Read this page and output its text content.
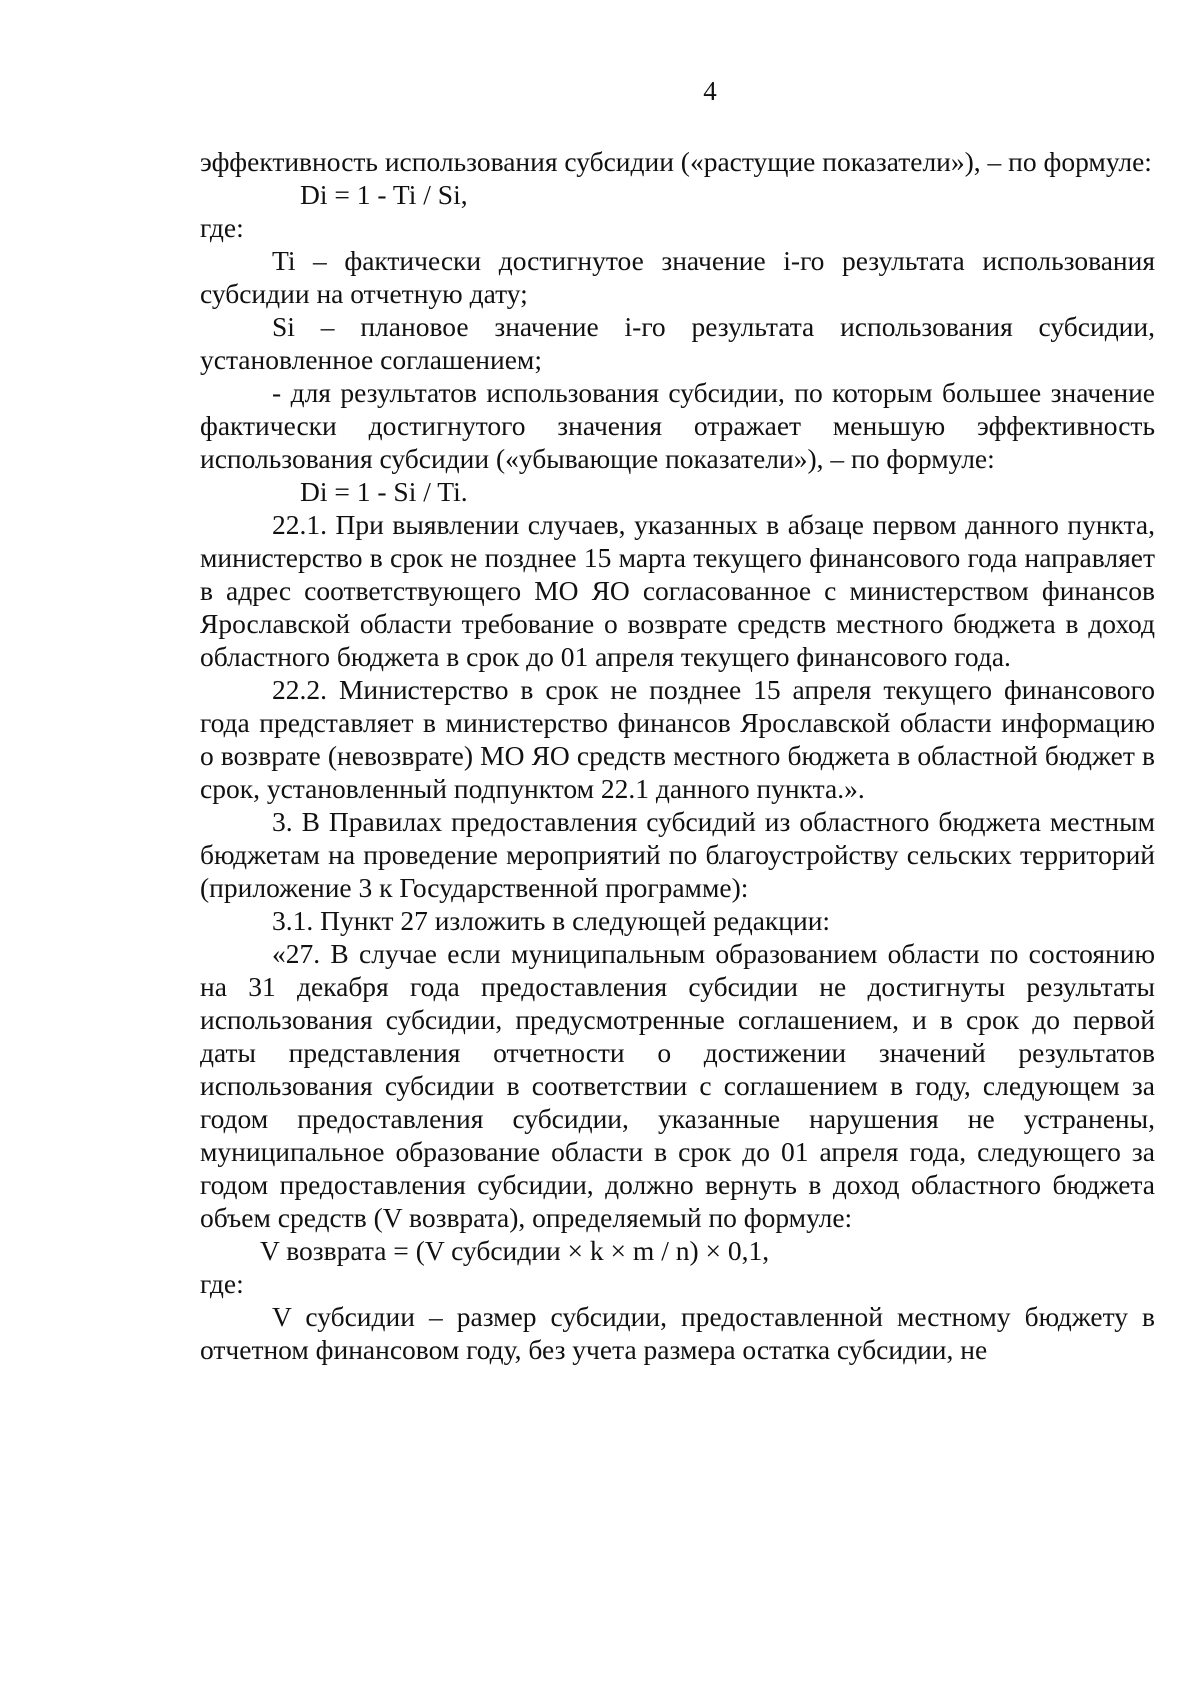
4

эффективность использования субсидии («растущие показатели»), – по формуле:

Di = 1 - Ti / Si,

где:

Ti – фактически достигнутое значение i-го результата использования субсидии на отчетную дату;

Si – плановое значение i-го результата использования субсидии, установленное соглашением;

- для результатов использования субсидии, по которым большее значение фактически достигнутого значения отражает меньшую эффективность использования субсидии («убывающие показатели»), – по формуле:

Di = 1 - Si / Ti.

22.1. При выявлении случаев, указанных в абзаце первом данного пункта, министерство в срок не позднее 15 марта текущего финансового года направляет в адрес соответствующего МО ЯО согласованное с министерством финансов Ярославской области требование о возврате средств местного бюджета в доход областного бюджета в срок до 01 апреля текущего финансового года.

22.2. Министерство в срок не позднее 15 апреля текущего финансового года представляет в министерство финансов Ярославской области информацию о возврате (невозврате) МО ЯО средств местного бюджета в областной бюджет в срок, установленный подпунктом 22.1 данного пункта.».

3. В Правилах предоставления субсидий из областного бюджета местным бюджетам на проведение мероприятий по благоустройству сельских территорий (приложение 3 к Государственной программе):

3.1. Пункт 27 изложить в следующей редакции:

«27. В случае если муниципальным образованием области по состоянию на 31 декабря года предоставления субсидии не достигнуты результаты использования субсидии, предусмотренные соглашением, и в срок до первой даты представления отчетности о достижении значений результатов использования субсидии в соответствии с соглашением в году, следующем за годом предоставления субсидии, указанные нарушения не устранены, муниципальное образование области в срок до 01 апреля года, следующего за годом предоставления субсидии, должно вернуть в доход областного бюджета объем средств (V возврата), определяемый по формуле:

V возврата = (V субсидии × k × m / n) × 0,1,

где:

V субсидии – размер субсидии, предоставленной местному бюджету в отчетном финансовом году, без учета размера остатка субсидии, не
